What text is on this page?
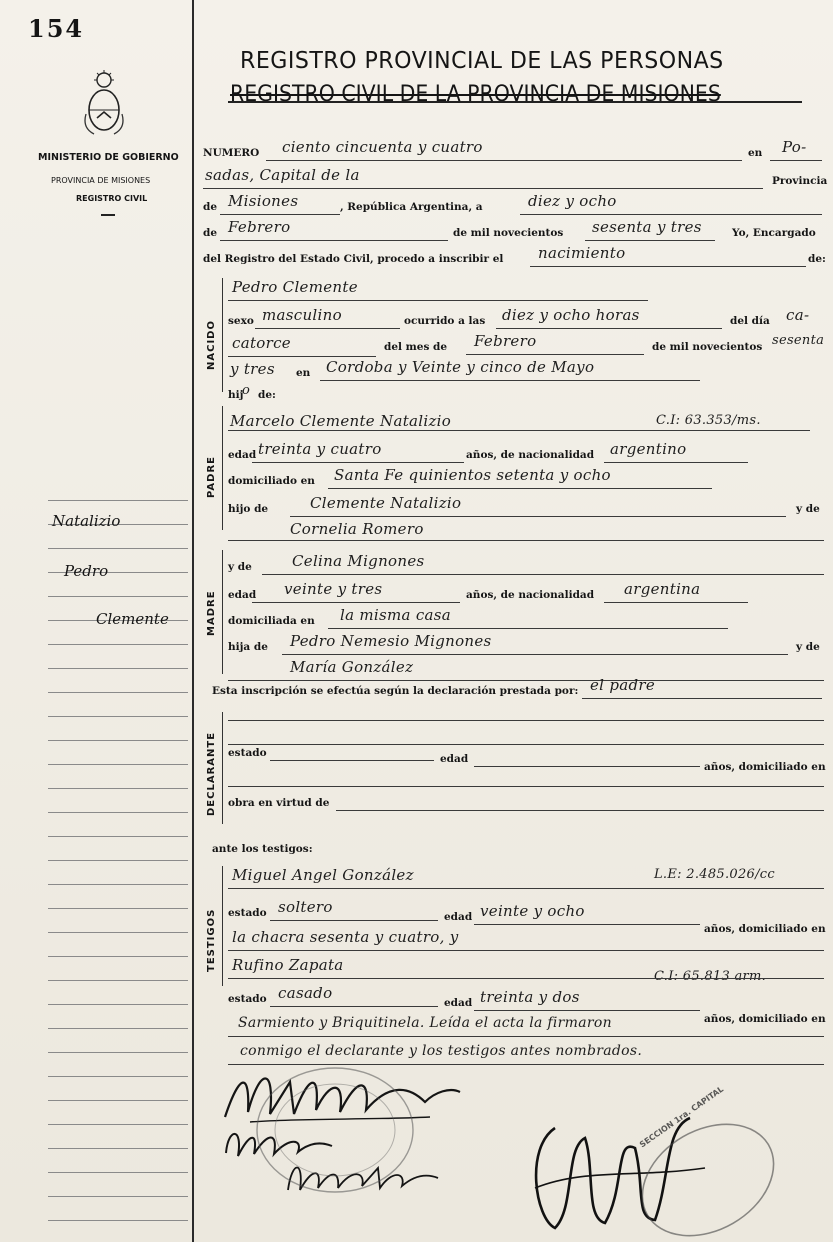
154
MINISTERIO DE GOBIERNO
PROVINCIA DE MISIONES
REGISTRO CIVIL
Natalizio
Pedro
Clemente
REGISTRO PROVINCIAL DE LAS PERSONAS
REGISTRO CIVIL DE LA PROVINCIA DE MISIONES
NUMERO ciento cincuenta y cuatro	en Po-
sadas, Capital de la	Provincia
de Misiones	, República Argentina, a	diez y ocho
de Febrero	de mil novecientos sesenta y tres	Yo, Encargado
del Registro del Estado Civil, procedo a inscribir el nacimiento	de:
NACIDO
Pedro Clemente
sexo masculino	ocurrido a las diez y ocho horas	del día ca-
catorce	del mes de Febrero	de mil novecientos sesenta
y tres en Cordoba y Veinte y cinco de Mayo
hij
o de:
PADRE
Marcelo Clemente Natalizio	C.I: 63.353/ms.
edad treinta y cuatro	años, de nacionalidad argentino
domiciliado en Santa Fe quinientos setenta y ocho
hijo de	Clemente Natalizio	y de
Cornelia Romero
MADRE
y de	Celina Mignones
edad veinte y tres	años, de nacionalidad argentina
domiciliada en la misma casa
hija de Pedro Nemesio Mignones	y de
María González
Esta inscripción se efectúa según la declaración prestada por: el padre
DECLARANTE estado	edad
años, domiciliado en
obra en virtud de
ante los testigos:
TESTIGOS
Miguel Angel González	L.E: 2.485.026/cc
estado soltero
edad veinte y ocho
años, domiciliado en
la chacra sesenta y cuatro, y
Rufino Zapata
C.I: 65.813 arm.
estado casado
edad treinta y dos
años, domiciliado en
Sarmiento y Briquitinela. Leída el acta la firmaron
conmigo el declarante y los testigos antes nombrados.
SECCION 1ra. CAPITAL
